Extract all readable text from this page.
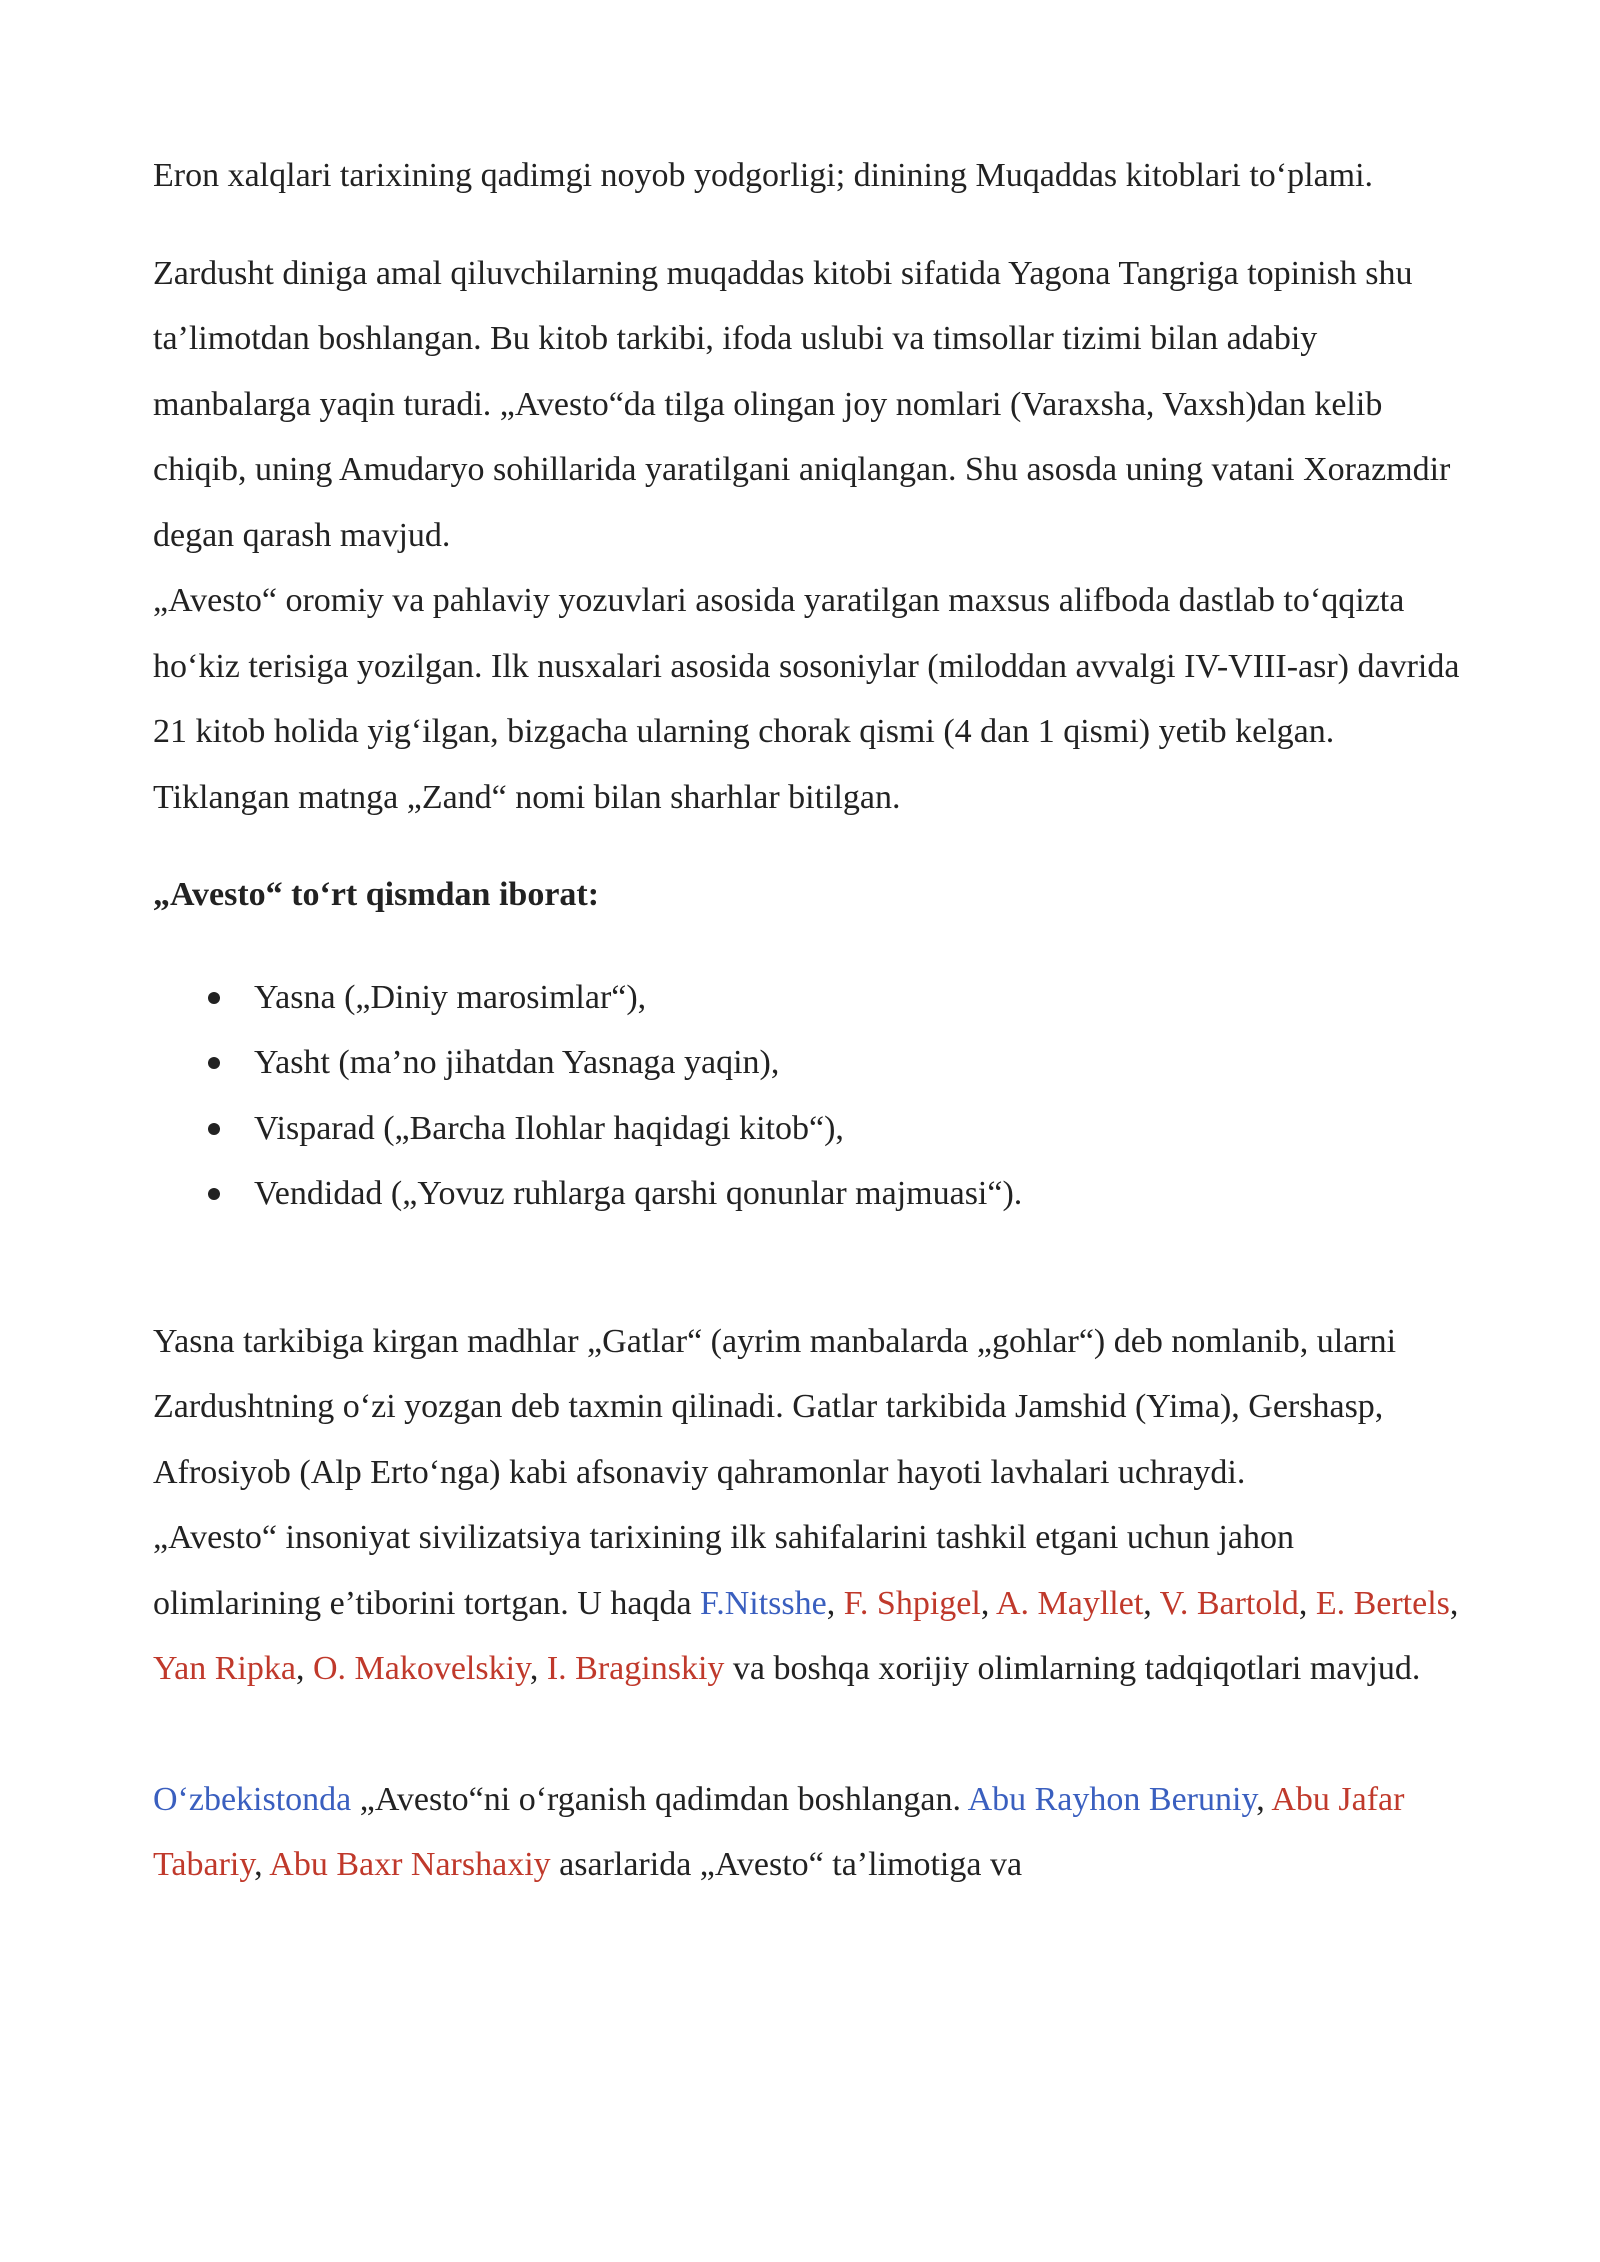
Eron xalqlari tarixining qadimgi noyob yodgorligi; dinining Muqaddas kitoblari to‘plami.

Zardusht diniga amal qiluvchilarning muqaddas kitobi sifatida Yagona Tangriga topinish shu ta’limotdan boshlangan. Bu kitob tarkibi, ifoda uslubi va timsollar tizimi bilan adabiy manbalarga yaqin turadi. „Avesto“da tilga olingan joy nomlari (Varaxsha, Vaxsh)dan kelib chiqib, uning Amudaryo sohillarida yaratilgani aniqlangan. Shu asosda uning vatani Xorazmdir degan qarash mavjud.

„Avesto“ oromiy va pahlaviy yozuvlari asosida yaratilgan maxsus alifboda dastlab to‘qqizta ho‘kiz terisiga yozilgan. Ilk nusxalari asosida sosoniylar (miloddan avvalgi IV-VIII-asr) davrida 21 kitob holida yig‘ilgan, bizgacha ularning chorak qismi (4 dan 1 qismi) yetib kelgan. Tiklangan matnga „Zand“ nomi bilan sharhlar bitilgan.

„Avesto“ to‘rt qismdan iborat:

Yasna („Diniy marosimlar“),
Yasht (ma’no jihatdan Yasnaga yaqin),
Visparad („Barcha Ilohlar haqidagi kitob“),
Vendidad („Yovuz ruhlarga qarshi qonunlar majmuasi“).

Yasna tarkibiga kirgan madhlar „Gatlar“ (ayrim manbalarda „gohlar“) deb nomlanib, ularni Zardushtning o‘zi yozgan deb taxmin qilinadi. Gatlar tarkibida Jamshid (Yima), Gershasp, Afrosiyob (Alp Erto‘nga) kabi afsonaviy qahramonlar hayoti lavhalari uchraydi.

„Avesto“ insoniyat sivilizatsiya tarixining ilk sahifalarini tashkil etgani uchun jahon olimlarining e’tiborini tortgan. U haqda F.Nitsshe, F. Shpigel, A. Mayllet, V. Bartold, E. Bertels, Yan Ripka, O. Makovelskiy, I. Braginskiy va boshqa xorijiy olimlarning tadqiqotlari mavjud.

O‘zbekistonda „Avesto“ni o‘rganish qadimdan boshlangan. Abu Rayhon Beruniy, Abu Jafar Tabariy, Abu Baxr Narshaxiy asarlarida „Avesto“ ta’limotiga va
